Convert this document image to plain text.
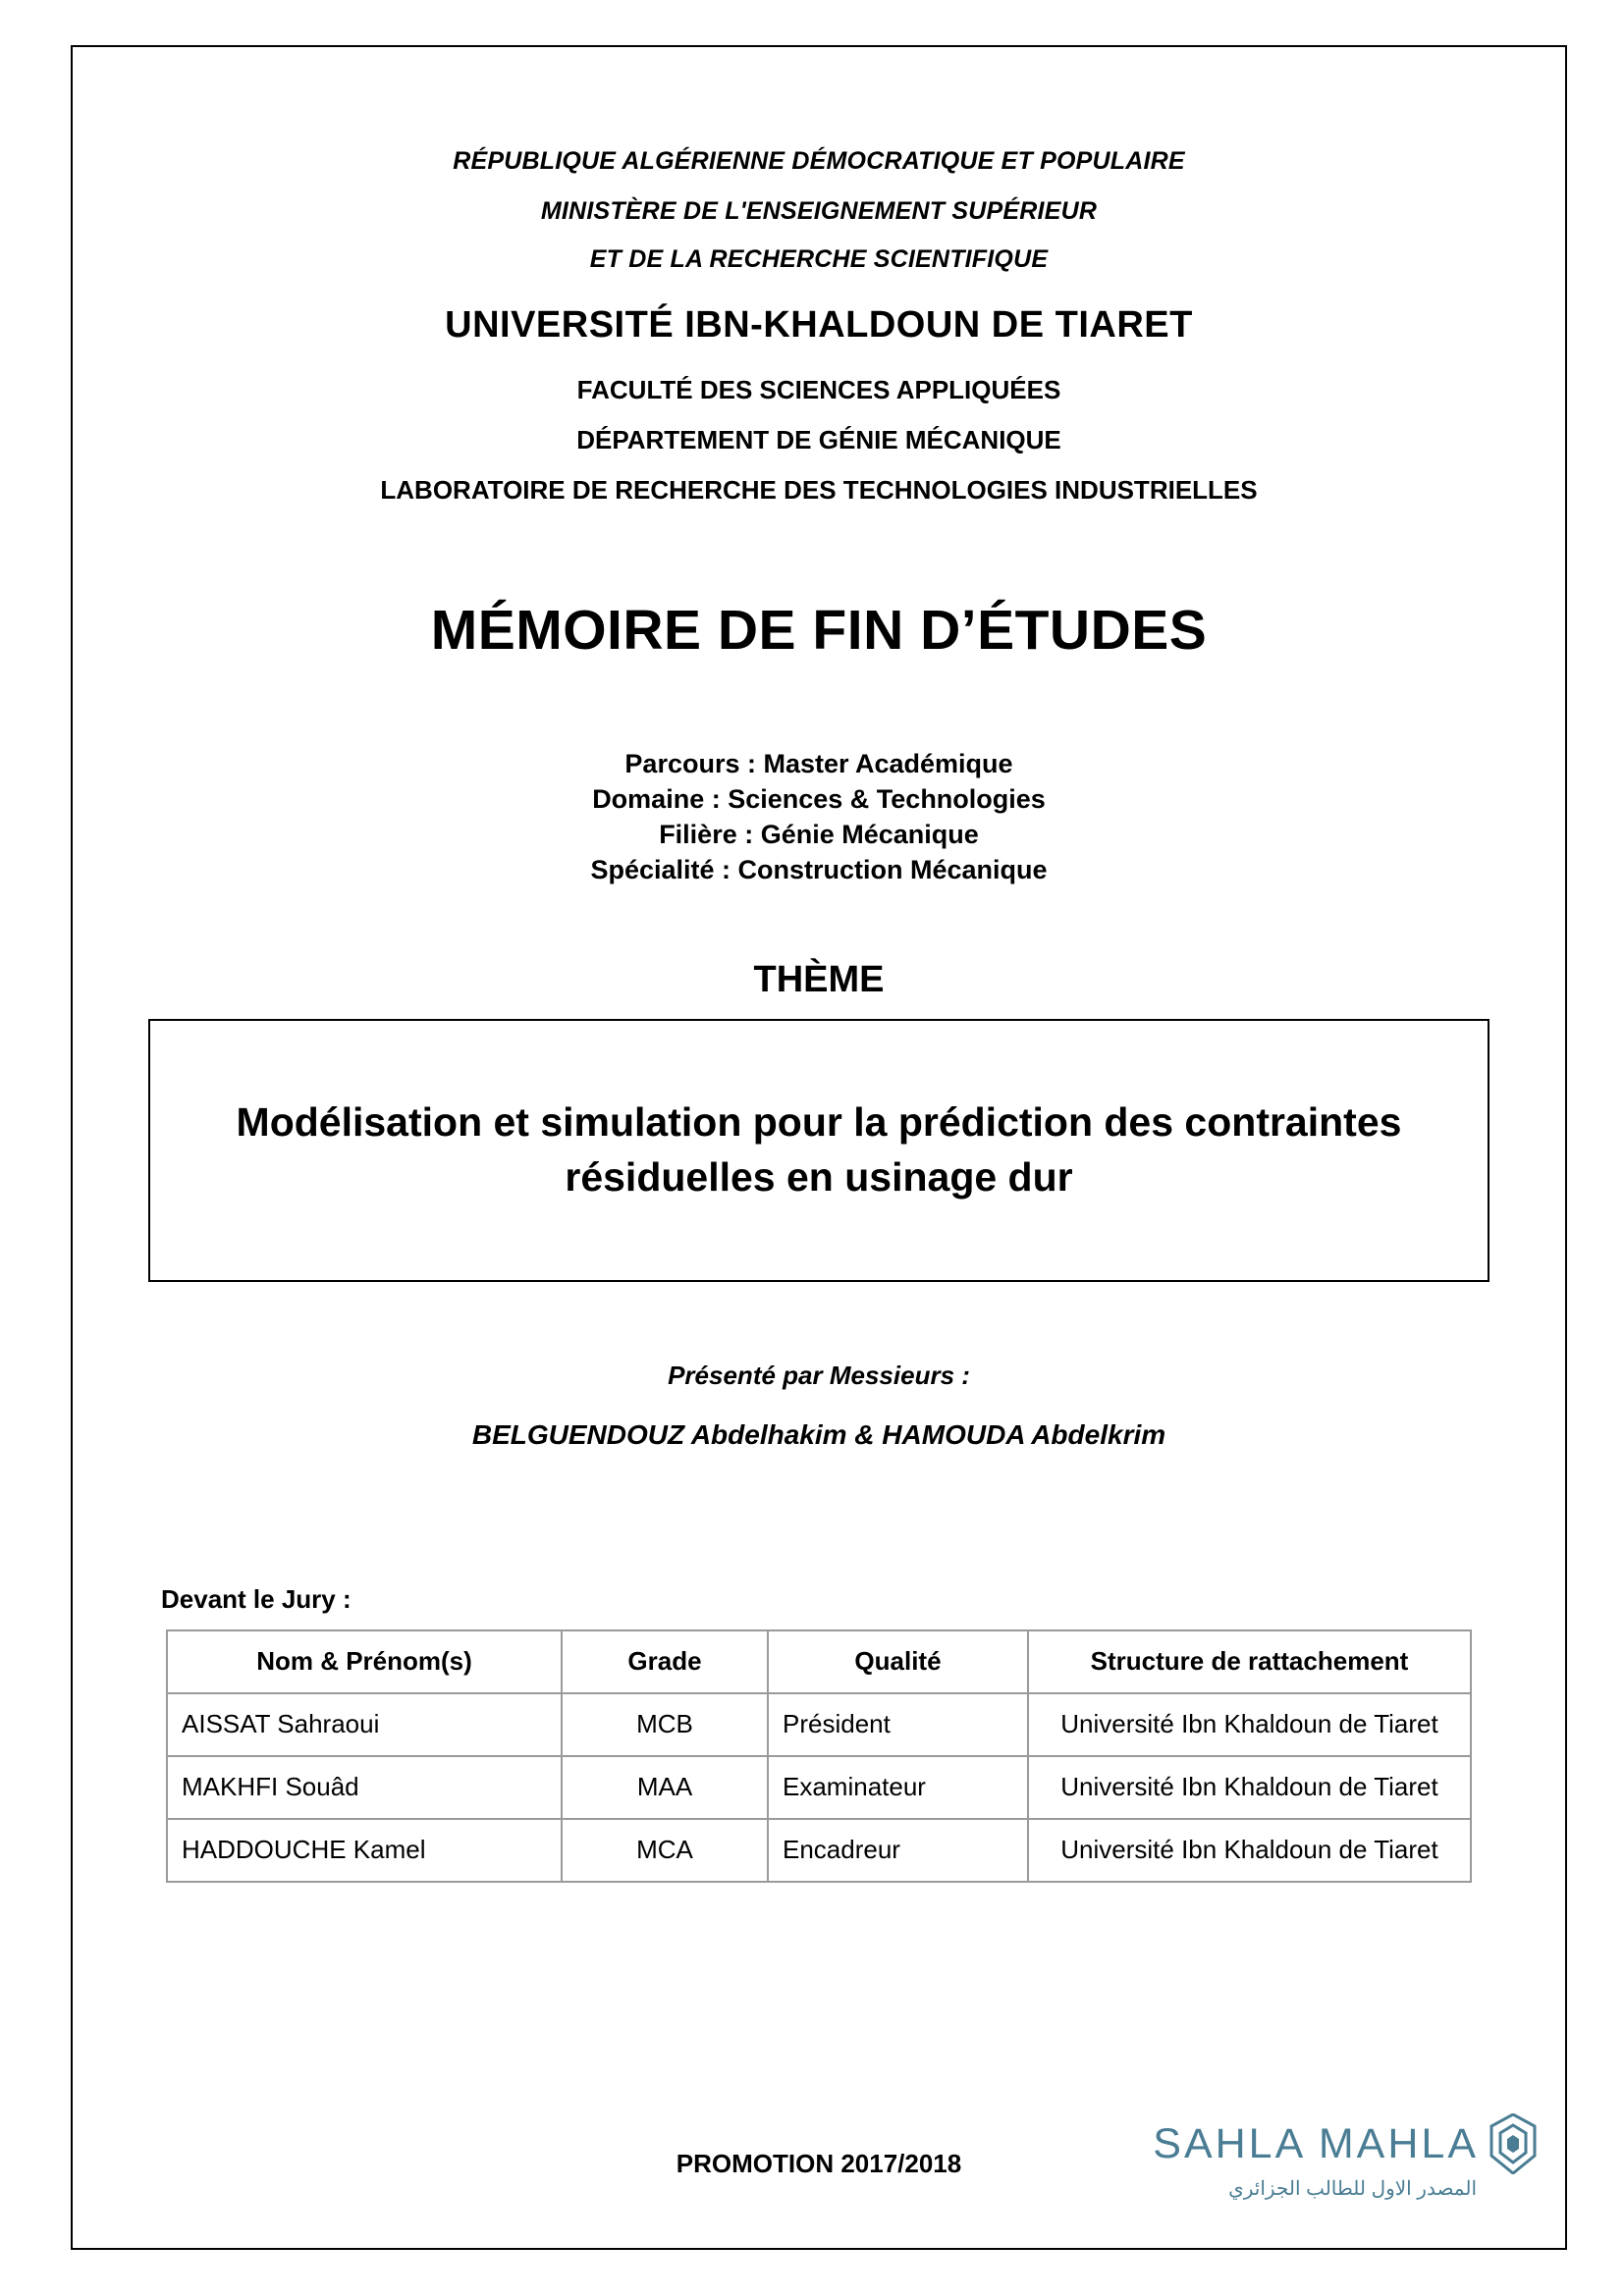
RÉPUBLIQUE ALGÉRIENNE DÉMOCRATIQUE ET POPULAIRE
MINISTÈRE DE L'ENSEIGNEMENT SUPÉRIEUR
ET DE LA RECHERCHE SCIENTIFIQUE
UNIVERSITÉ IBN-KHALDOUN DE TIARET
FACULTÉ DES SCIENCES APPLIQUÉES
DÉPARTEMENT DE GÉNIE MÉCANIQUE
LABORATOIRE DE RECHERCHE DES TECHNOLOGIES INDUSTRIELLES
MÉMOIRE DE FIN D’ÉTUDES
Parcours : Master Académique
Domaine : Sciences & Technologies
Filière : Génie Mécanique
Spécialité : Construction Mécanique
THÈME
Modélisation et simulation pour la prédiction des contraintes résiduelles en usinage dur
Présenté par Messieurs :
BELGUENDOUZ Abdelhakim & HAMOUDA Abdelkrim
Devant le Jury :
Nom & Prénom(s)	Grade	Qualité	Structure de rattachement
AISSAT Sahraoui	MCB	Président	Université Ibn Khaldoun de Tiaret
MAKHFI Souâd	MAA	Examinateur	Université Ibn Khaldoun de Tiaret
HADDOUCHE Kamel	MCA	Encadreur	Université Ibn Khaldoun de Tiaret
PROMOTION 2017/2018	SAHLA MAHLA
المصدر الاول للطالب الجزائري
